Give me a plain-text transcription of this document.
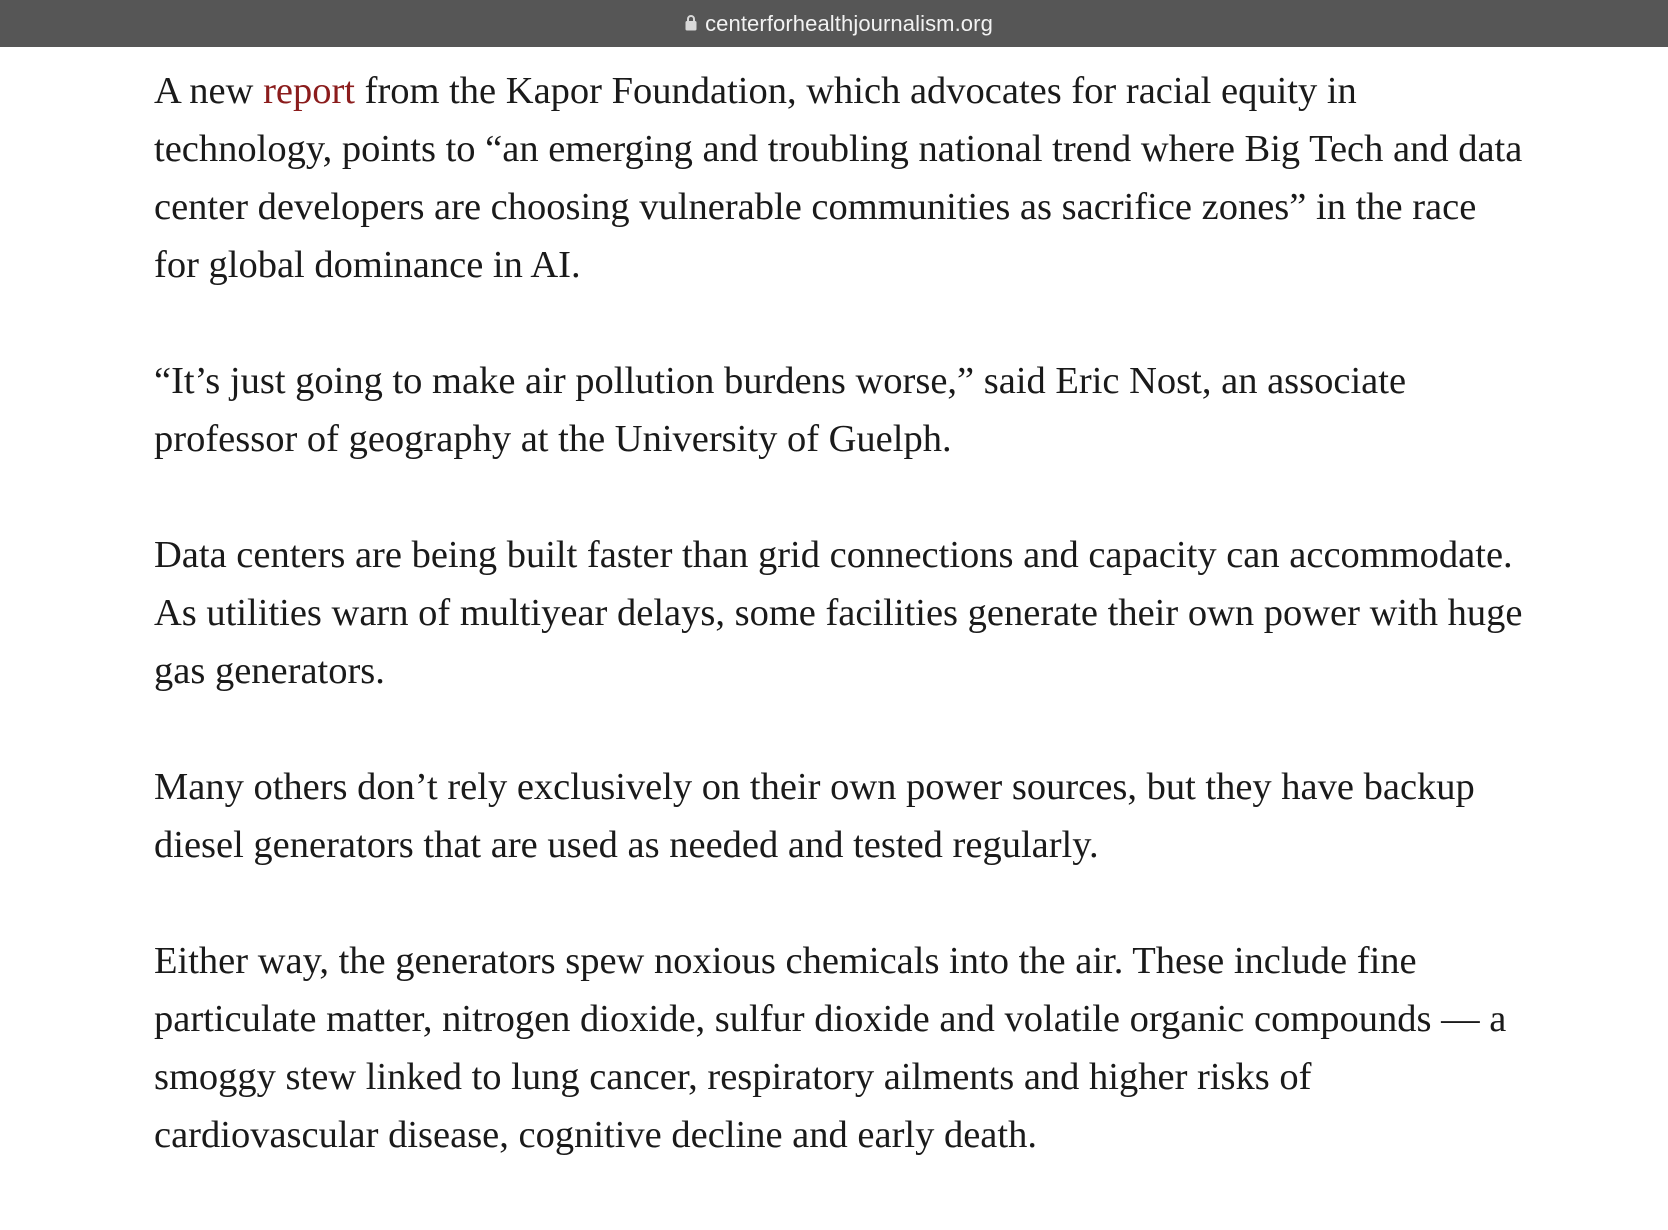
centerforhealthjournalism.org

A new report from the Kapor Foundation, which advocates for racial equity in technology, points to “an emerging and troubling national trend where Big Tech and data center developers are choosing vulnerable communities as sacrifice zones” in the race for global dominance in AI.

“It’s just going to make air pollution burdens worse,” said Eric Nost, an associate professor of geography at the University of Guelph.

Data centers are being built faster than grid connections and capacity can accommodate. As utilities warn of multiyear delays, some facilities generate their own power with huge gas generators.

Many others don’t rely exclusively on their own power sources, but they have backup diesel generators that are used as needed and tested regularly.

Either way, the generators spew noxious chemicals into the air. These include fine particulate matter, nitrogen dioxide, sulfur dioxide and volatile organic compounds — a smoggy stew linked to lung cancer, respiratory ailments and higher risks of cardiovascular disease, cognitive decline and early death.
